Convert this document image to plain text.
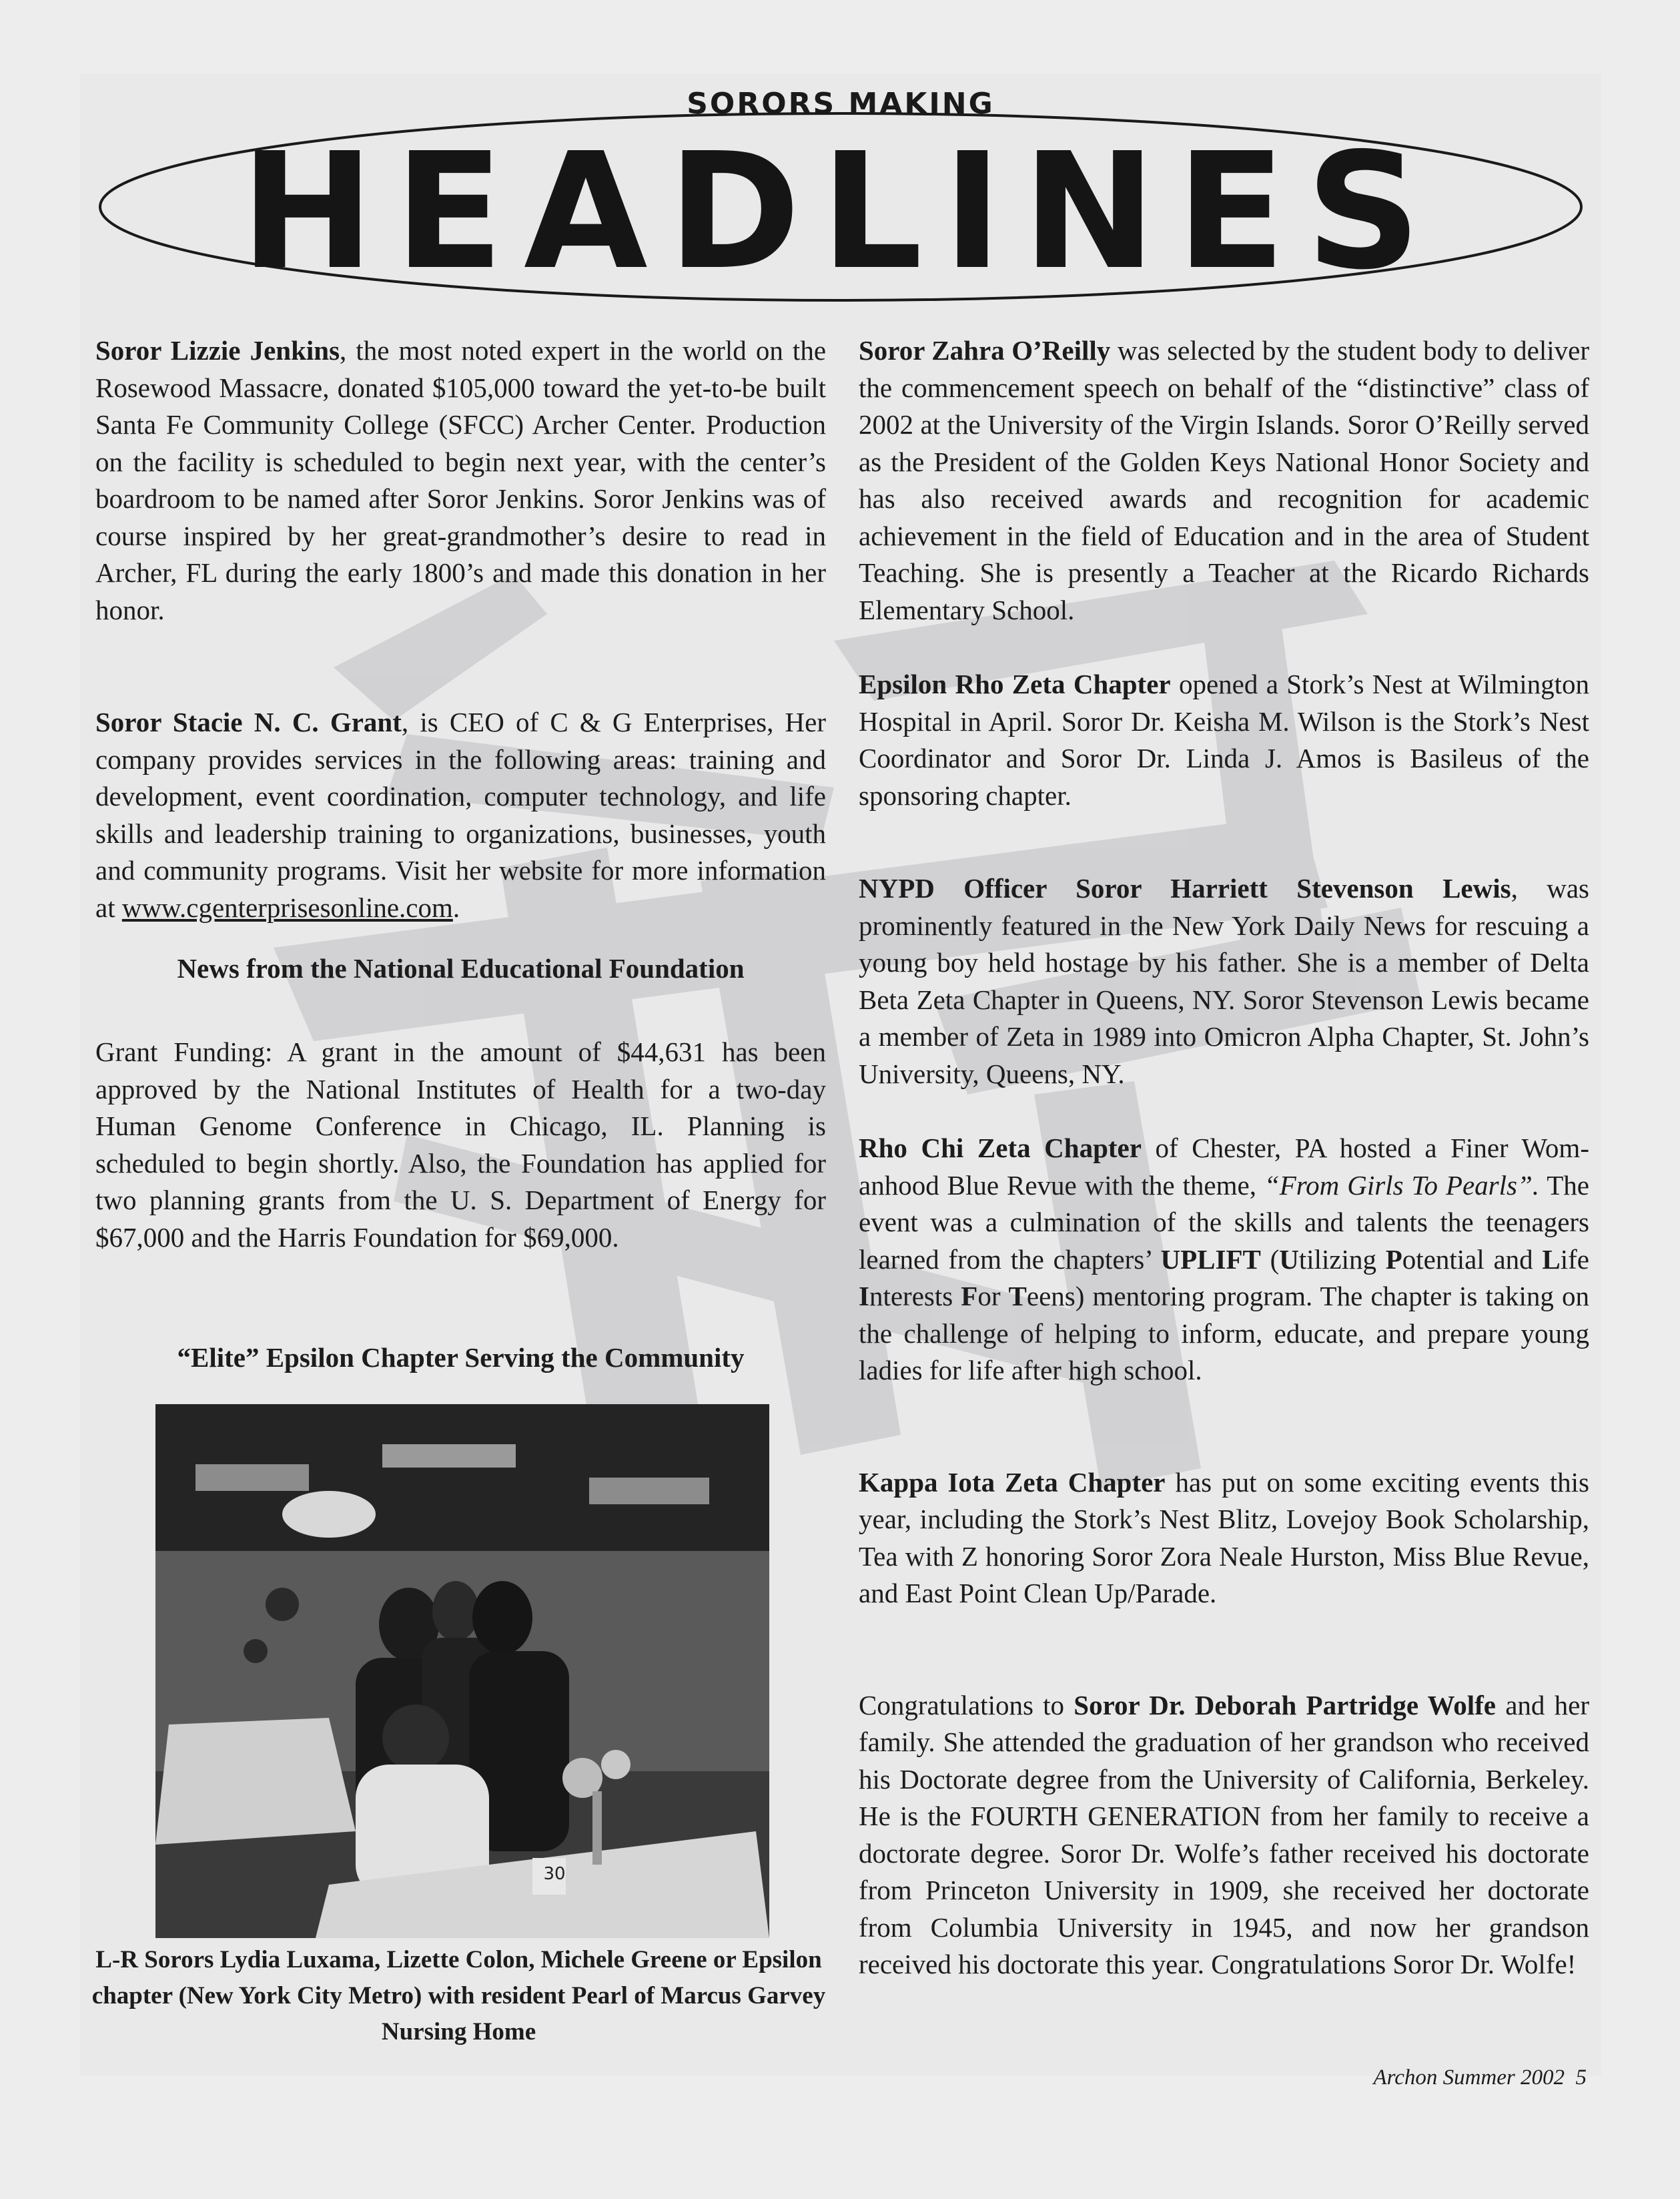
HEADLINES
SORORS MAKING

Soror Lizzie Jenkins, the most noted expert in the world on the Rosewood Massacre, donated $105,000 toward the yet-to-be built Santa Fe Community College (SFCC) Archer Center. Production on the facility is scheduled to begin next year, with the center’s boardroom to be named after Soror Jenkins. Soror Jenkins was of course inspired by her great-grandmother’s desire to read in Archer, FL during the early 1800’s and made this donation in her honor.

Soror Stacie N. C. Grant, is CEO of C & G Enterprises, Her company provides services in the following areas: training and development, event coordination, computer technology, and life skills and leadership training to organizations, businesses, youth and community programs. Visit her website for more information at www.cgenterprisesonline.com.

News from the National Educational Foundation

Grant Funding: A grant in the amount of $44,631 has been approved by the National Institutes of Health for a two-day Human Genome Conference in Chicago, IL. Planning is scheduled to begin shortly. Also, the Foundation has applied for two planning grants from the U. S. Department of Energy for $67,000 and the Harris Foundation for $69,000.

“Elite” Epsilon Chapter Serving the Community
30
L-R Sorors Lydia Luxama, Lizette Colon, Michele Greene or Epsilon chapter (New York City Metro) with resident Pearl of Marcus Garvey Nursing Home

Soror Zahra O’Reilly was selected by the student body to deliver the commencement speech on behalf of the “distinctive” class of 2002 at the University of the Virgin Islands. Soror O’Reilly served as the President of the Golden Keys National Honor Society and has also received awards and recognition for academic achievement in the field of Education and in the area of Student Teaching. She is presently a Teacher at the Ricardo Richards Elementary School.

Epsilon Rho Zeta Chapter opened a Stork’s Nest at Wilmington Hospital in April. Soror Dr. Keisha M. Wilson is the Stork’s Nest Coordinator and Soror Dr. Linda J. Amos is Basileus of the sponsoring chapter.

NYPD Officer Soror Harriett Stevenson Lewis, was prominently featured in the New York Daily News for rescuing a young boy held hostage by his father. She is a member of Delta Beta Zeta Chapter in Queens, NY. Soror Stevenson Lewis became a member of Zeta in 1989 into Omicron Alpha Chapter, St. John’s University, Queens, NY.

Rho Chi Zeta Chapter of Chester, PA hosted a Finer Wom-anhood Blue Revue with the theme, “From Girls To Pearls”. The event was a culmination of the skills and talents the teenagers learned from the chapters’ UPLIFT (Utilizing Potential and Life Interests For Teens) mentoring program. The chapter is taking on the challenge of helping to inform, educate, and prepare young ladies for life after high school.

Kappa Iota Zeta Chapter has put on some exciting events this year, including the Stork’s Nest Blitz, Lovejoy Book Scholarship, Tea with Z honoring Soror Zora Neale Hurston, Miss Blue Revue, and East Point Clean Up/Parade.

Congratulations to Soror Dr. Deborah Partridge Wolfe and her family. She attended the graduation of her grandson who received his Doctorate degree from the University of California, Berkeley. He is the FOURTH GENERATION from her family to receive a doctorate degree. Soror Dr. Wolfe’s father received his doctorate from Princeton University in 1909, she received her doctorate from Columbia University in 1945, and now her grandson received his doctorate this year. Congratulations Soror Dr. Wolfe!

Archon Summer 2002 5
